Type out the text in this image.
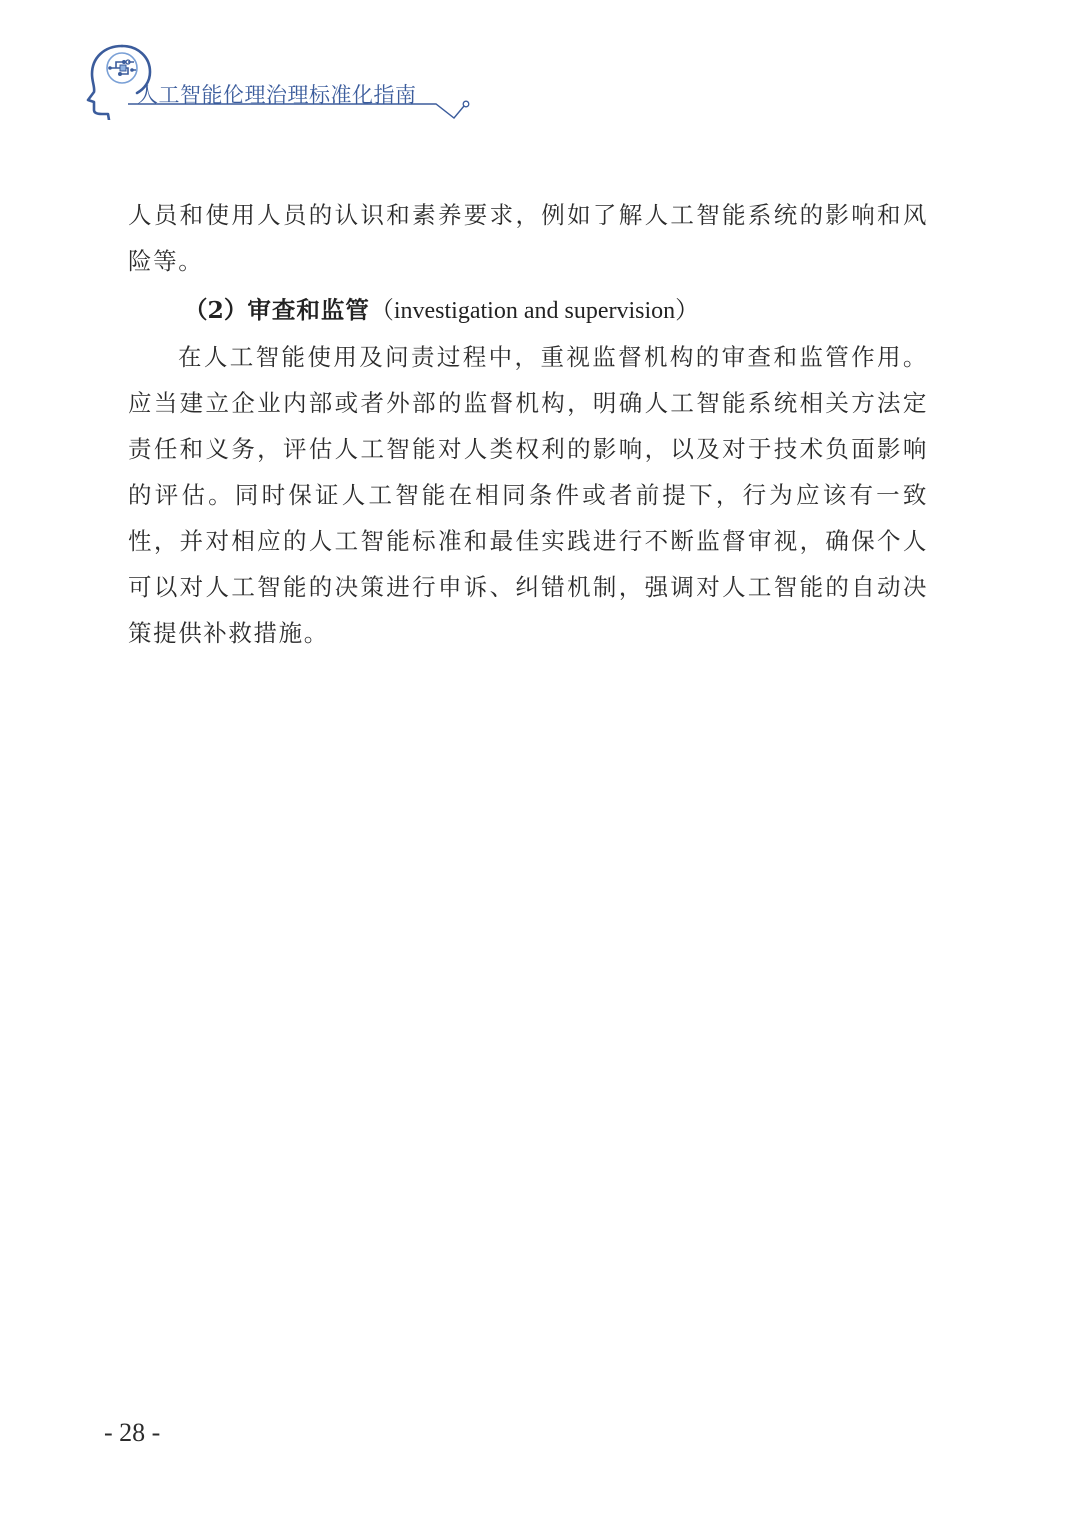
人工智能伦理治理标准化指南

人员和使用人员的认识和素养要求，例如了解人工智能系统的影响和风险等。

（2）审查和监管（investigation and supervision）

在人工智能使用及问责过程中，重视监督机构的审查和监管作用。应当建立企业内部或者外部的监督机构，明确人工智能系统相关方法定责任和义务，评估人工智能对人类权利的影响，以及对于技术负面影响的评估。同时保证人工智能在相同条件或者前提下，行为应该有一致性，并对相应的人工智能标准和最佳实践进行不断监督审视，确保个人可以对人工智能的决策进行申诉、纠错机制，强调对人工智能的自动决策提供补救措施。

- 28 -
